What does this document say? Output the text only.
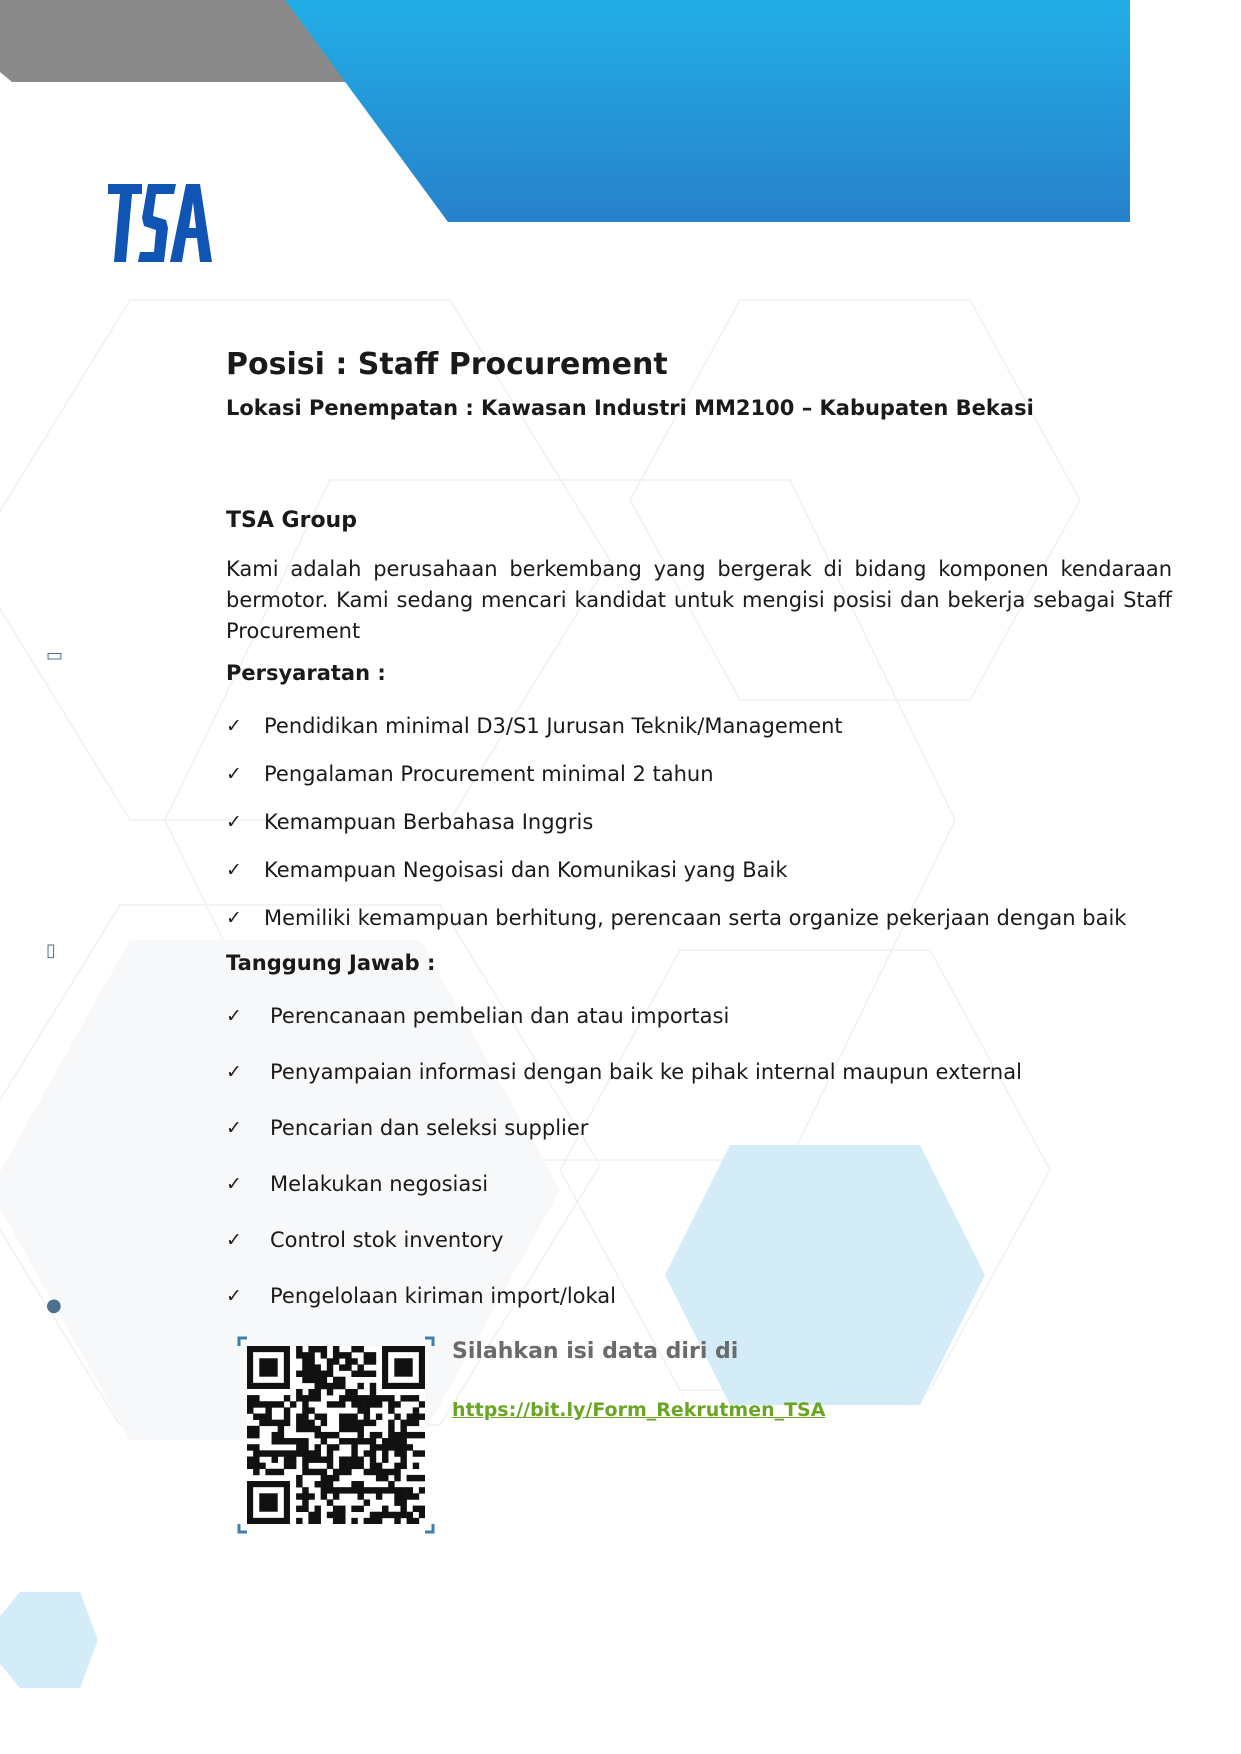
▭
▯
●
Posisi : Staff Procurement

Lokasi Penempatan : Kawasan Industri MM2100 – Kabupaten Bekasi

TSA Group

Kami adalah perusahaan berkembang yang bergerak di bidang komponen kendaraan bermotor. Kami sedang mencari kandidat untuk mengisi posisi dan bekerja sebagai Staff Procurement

Persyaratan :
✓ Pendidikan minimal D3/S1 Jurusan Teknik/Management
✓ Pengalaman Procurement minimal 2 tahun
✓ Kemampuan Berbahasa Inggris
✓ Kemampuan Negoisasi dan Komunikasi yang Baik
✓ Memiliki kemampuan berhitung, perencaan serta organize pekerjaan dengan baik
Tanggung Jawab :
✓ Perencanaan pembelian dan atau importasi
✓ Penyampaian informasi dengan baik ke pihak internal maupun external
✓ Pencarian dan seleksi supplier
✓ Melakukan negosiasi
✓ Control stok inventory
✓ Pengelolaan kiriman import/lokal

Silahkan isi data diri di

https://bit.ly/Form_Rekrutmen_TSA
